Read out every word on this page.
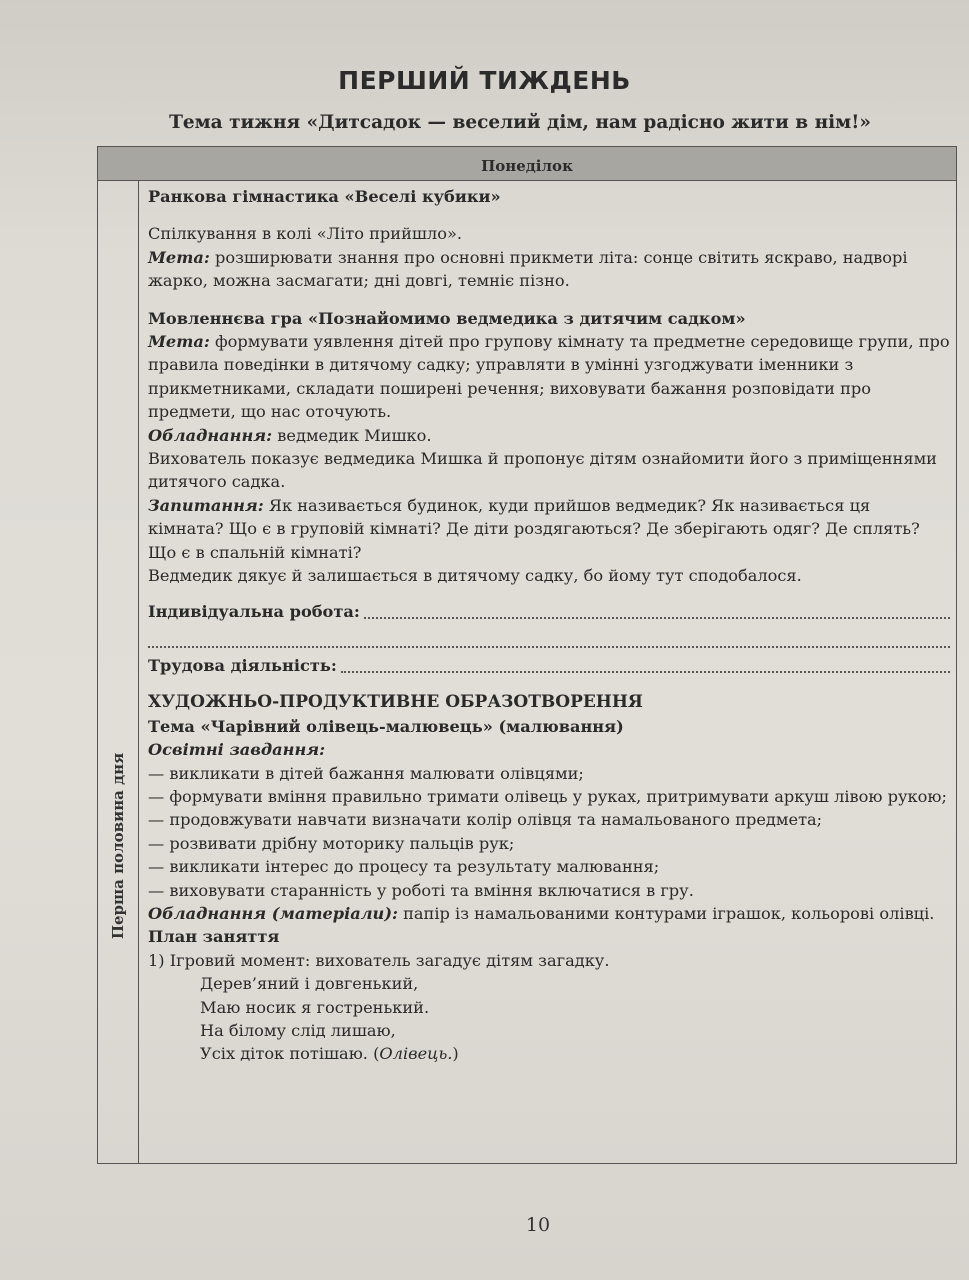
ПЕРШИЙ ТИЖДЕНЬ
Тема тижня «Дитсадок — веселий дім, нам радісно жити в нім!»
Понеділок
Перша половина дня

Ранкова гімнастика «Веселі кубики»

Спілкування в колі «Літо прийшло».

Мета: розширювати знання про основні прикмети літа: сонце світить яскраво, надворі жарко, можна засмагати; дні довгі, темніє пізно.

Мовленнєва гра «Познайомимо ведмедика з дитячим садком»

Мета: формувати уявлення дітей про групову кімнату та предметне середовище групи, про правила поведінки в дитячому садку; управляти в умінні узгоджувати іменники з прикметниками, складати поширені речення; виховувати бажання розповідати про предмети, що нас оточують.

Обладнання: ведмедик Мишко.

Вихователь показує ведмедика Мишка й пропонує дітям ознайомити його з приміщеннями дитячого садка.

Запитання: Як називається будинок, куди прийшов ведмедик? Як називається ця кімната? Що є в груповій кімнаті? Де діти роздягаються? Де зберігають одяг? Де сплять? Що є в спальній кімнаті?

Ведмедик дякує й залишається в дитячому садку, бо йому тут сподобалося.

Індивідуальна робота:
Трудова діяльність:

ХУДОЖНЬО-ПРОДУКТИВНЕ ОБРАЗОТВОРЕННЯ

Тема «Чарівний олівець-малювець» (малювання)

Освітні завдання:

— викликати в дітей бажання малювати олівцями;

— формувати вміння правильно тримати олівець у руках, притримувати аркуш лівою рукою;

— продовжувати навчати визначати колір олівця та намальованого предмета;

— розвивати дрібну моторику пальців рук;

— викликати інтерес до процесу та результату малювання;

— виховувати старанність у роботі та вміння включатися в гру.

Обладнання (матеріали): папір із намальованими контурами іграшок, кольорові олівці.

План заняття

1) Ігровий момент: вихователь загадує дітям загадку.

Дерев’яний і довгенький,

Маю носик я гостренький.

На білому слід лишаю,

Усіх діток потішаю. (Олівець.)

10
